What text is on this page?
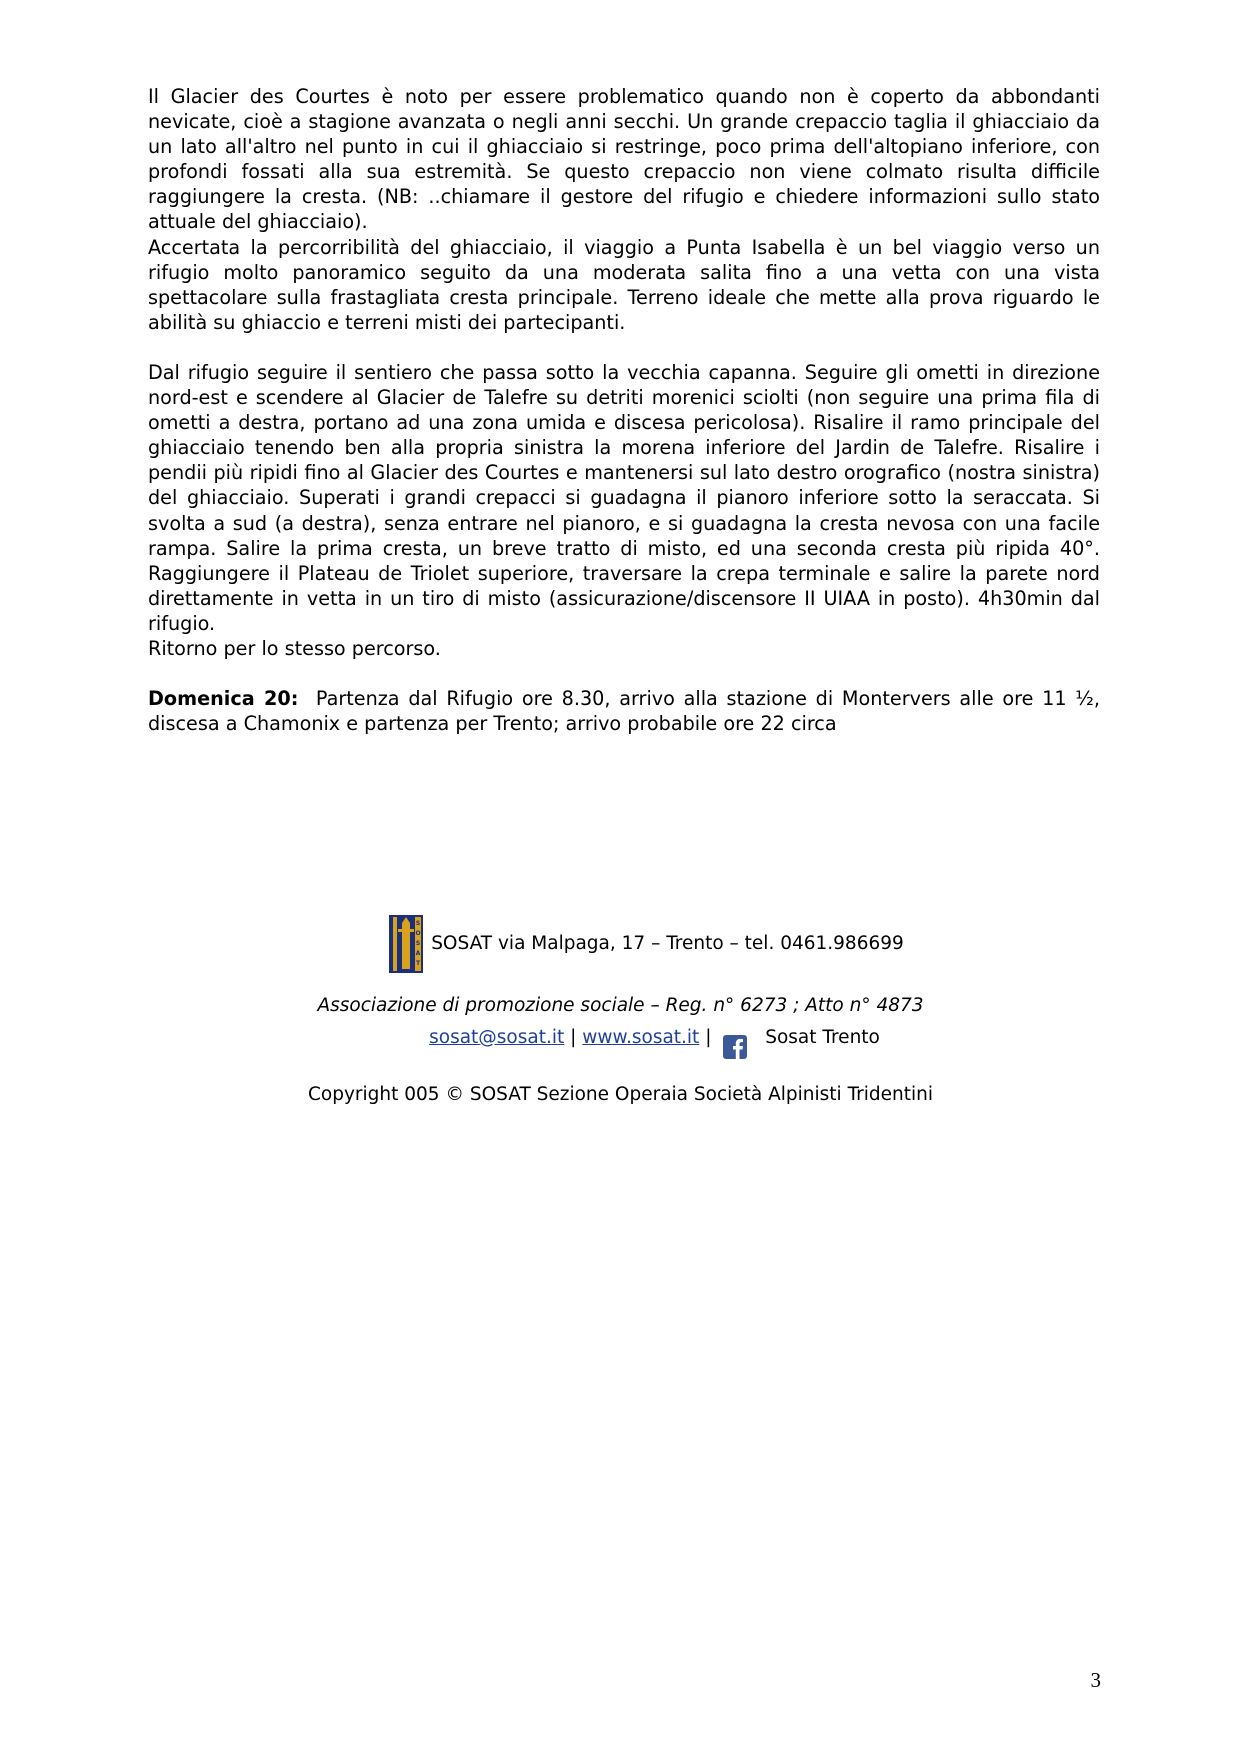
Il Glacier des Courtes è noto per essere problematico quando non è coperto da abbondanti nevicate, cioè a stagione avanzata o negli anni secchi. Un grande crepaccio taglia il ghiacciaio da un lato all'altro nel punto in cui il ghiacciaio si restringe, poco prima dell'altopiano inferiore, con profondi fossati alla sua estremità. Se questo crepaccio non viene colmato risulta difficile raggiungere la cresta. (NB: ..chiamare il gestore del rifugio e chiedere informazioni sullo stato attuale del ghiacciaio).

Accertata la percorribilità del ghiacciaio, il viaggio a Punta Isabella è un bel viaggio verso un rifugio molto panoramico seguito da una moderata salita fino a una vetta con una vista spettacolare sulla frastagliata cresta principale. Terreno ideale che mette alla prova riguardo le abilità su ghiaccio e terreni misti dei partecipanti.

Dal rifugio seguire il sentiero che passa sotto la vecchia capanna. Seguire gli ometti in direzione nord-est e scendere al Glacier de Talefre su detriti morenici sciolti (non seguire una prima fila di ometti a destra, portano ad una zona umida e discesa pericolosa). Risalire il ramo principale del ghiacciaio tenendo ben alla propria sinistra la morena inferiore del Jardin de Talefre. Risalire i pendii più ripidi fino al Glacier des Courtes e mantenersi sul lato destro orografico (nostra sinistra) del ghiacciaio. Superati i grandi crepacci si guadagna il pianoro inferiore sotto la seraccata. Si svolta a sud (a destra), senza entrare nel pianoro, e si guadagna la cresta nevosa con una facile rampa. Salire la prima cresta, un breve tratto di misto, ed una seconda cresta più ripida 40°. Raggiungere il Plateau de Triolet superiore, traversare la crepa terminale e salire la parete nord direttamente in vetta in un tiro di misto (assicurazione/discensore II UIAA in posto). 4h30min dal rifugio.

Ritorno per lo stesso percorso.

Domenica 20: Partenza dal Rifugio ore 8.30, arrivo alla stazione di Montervers alle ore 11 ½, discesa a Chamonix e partenza per Trento; arrivo probabile ore 22 circa

S
O
S
A
T
SOSAT via Malpaga, 17 – Trento – tel. 0461.986699
Associazione di promozione sociale – Reg. n° 6273 ; Atto n° 4873
sosat@sosat.it | www.sosat.it |	Sosat Trento
Copyright 005 © SOSAT Sezione Operaia Società Alpinisti Tridentini
3
